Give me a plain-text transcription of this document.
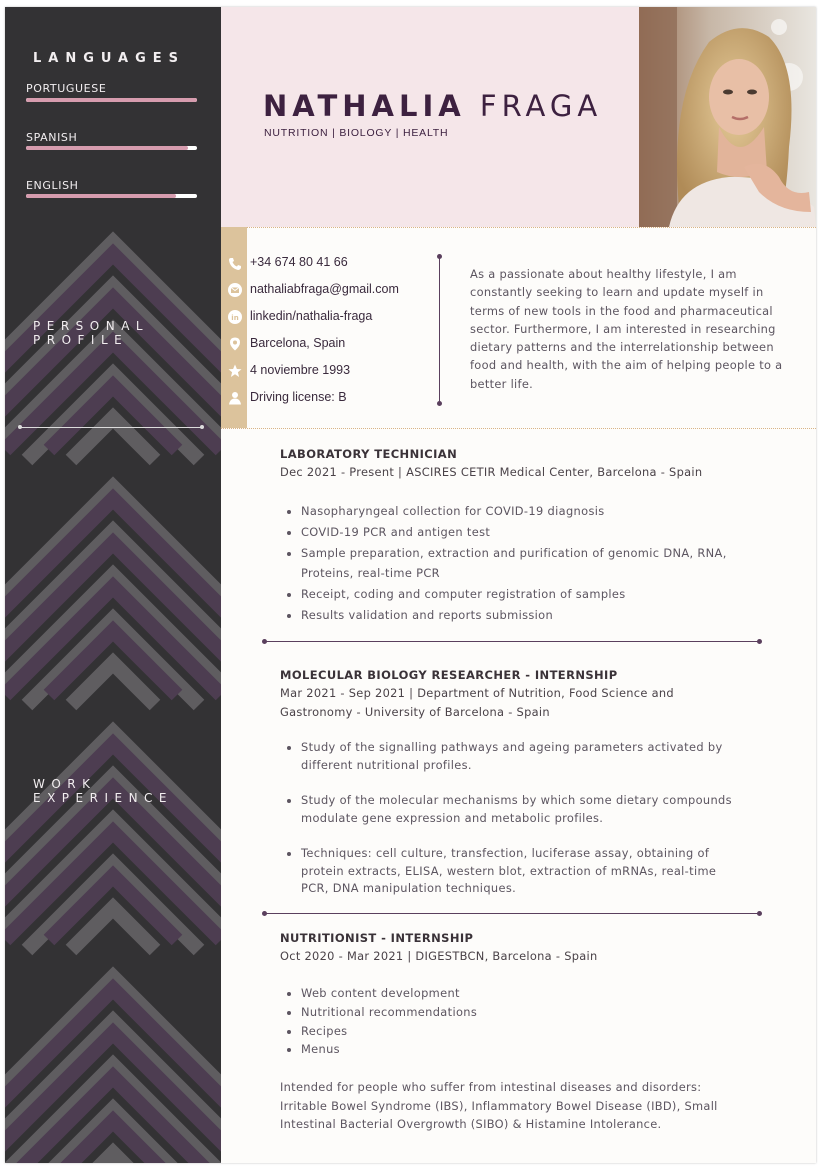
LANGUAGES
PORTUGUESE
SPANISH
ENGLISH
PERSONAL
PROFILE
WORK
EXPERIENCE
NATHALIA FRAGA
NUTRITION | BIOLOGY | HEALTH
+34 674 80 41 66
nathaliabfraga@gmail.com
in linkedin/nathalia-fraga
Barcelona, Spain
4 noviembre 1993
Driving license: B
As a passionate about healthy lifestyle, I am constantly seeking to learn and update myself in terms of new tools in the food and pharmaceutical sector. Furthermore, I am interested in researching dietary patterns and the interrelationship between food and health, with the aim of helping people to a better life.
LABORATORY TECHNICIAN
Dec 2021 - Present | ASCIRES CETIR Medical Center, Barcelona - Spain
• Nasopharyngeal collection for COVID-19 diagnosis
• COVID-19 PCR and antigen test
• Sample preparation, extraction and purification of genomic DNA, RNA, Proteins, real-time PCR
• Receipt, coding and computer registration of samples
• Results validation and reports submission
MOLECULAR BIOLOGY RESEARCHER - INTERNSHIP
Mar 2021 - Sep 2021 | Department of Nutrition, Food Science and Gastronomy - University of Barcelona - Spain
• Study of the signalling pathways and ageing parameters activated by different nutritional profiles.
• Study of the molecular mechanisms by which some dietary compounds modulate gene expression and metabolic profiles.
• Techniques: cell culture, transfection, luciferase assay, obtaining of protein extracts, ELISA, western blot, extraction of mRNAs, real-time PCR, DNA manipulation techniques.
NUTRITIONIST - INTERNSHIP
Oct 2020 - Mar 2021 | DIGESTBCN, Barcelona - Spain
• Web content development
• Nutritional recommendations
• Recipes
• Menus
Intended for people who suffer from intestinal diseases and disorders: Irritable Bowel Syndrome (IBS), Inflammatory Bowel Disease (IBD), Small Intestinal Bacterial Overgrowth (SIBO) & Histamine Intolerance.
